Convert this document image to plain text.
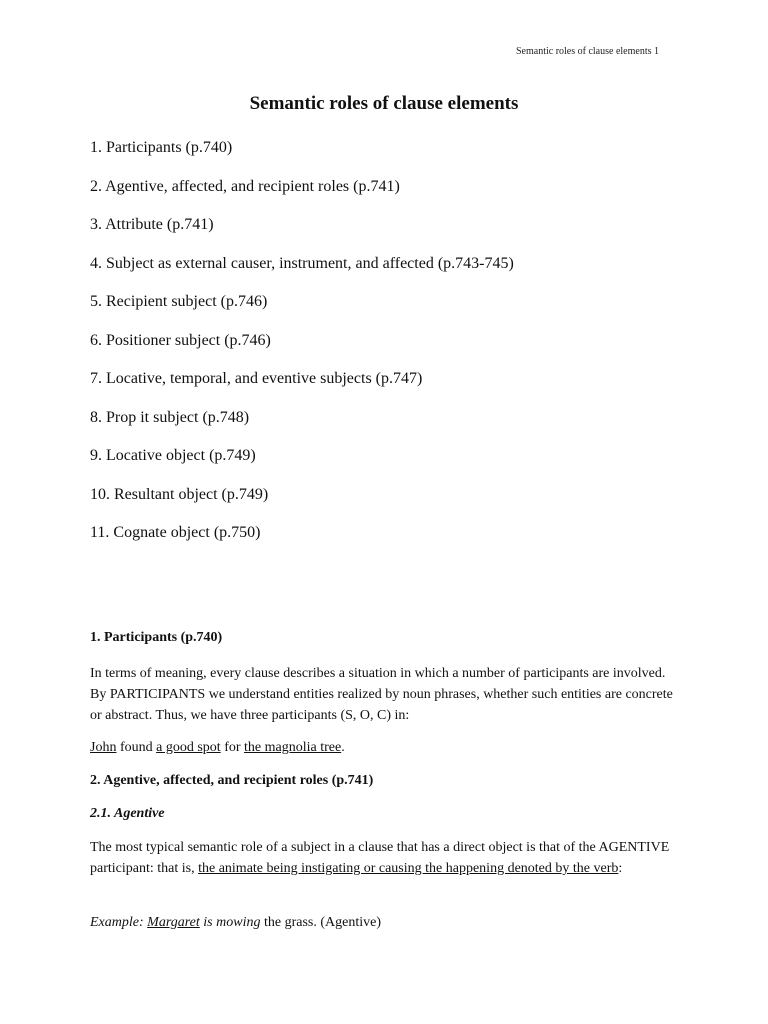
Semantic roles of clause elements 1
Semantic roles of clause elements
1. Participants (p.740)
2. Agentive, affected, and recipient roles (p.741)
3. Attribute (p.741)
4. Subject as external causer, instrument, and affected (p.743-745)
5. Recipient subject (p.746)
6. Positioner subject (p.746)
7. Locative, temporal, and eventive subjects (p.747)
8. Prop it subject (p.748)
9. Locative object (p.749)
10. Resultant object (p.749)
11. Cognate object (p.750)
1. Participants (p.740)

In terms of meaning, every clause describes a situation in which a number of participants are involved. By PARTICIPANTS we understand entities realized by noun phrases, whether such entities are concrete or abstract. Thus, we have three participants (S, O, C) in:

John found a good spot for the magnolia tree.

2. Agentive, affected, and recipient roles (p.741)
2.1. Agentive

The most typical semantic role of a subject in a clause that has a direct object is that of the AGENTIVE participant: that is, the animate being instigating or causing the happening denoted by the verb:

Example: Margaret is mowing the grass. (Agentive)
